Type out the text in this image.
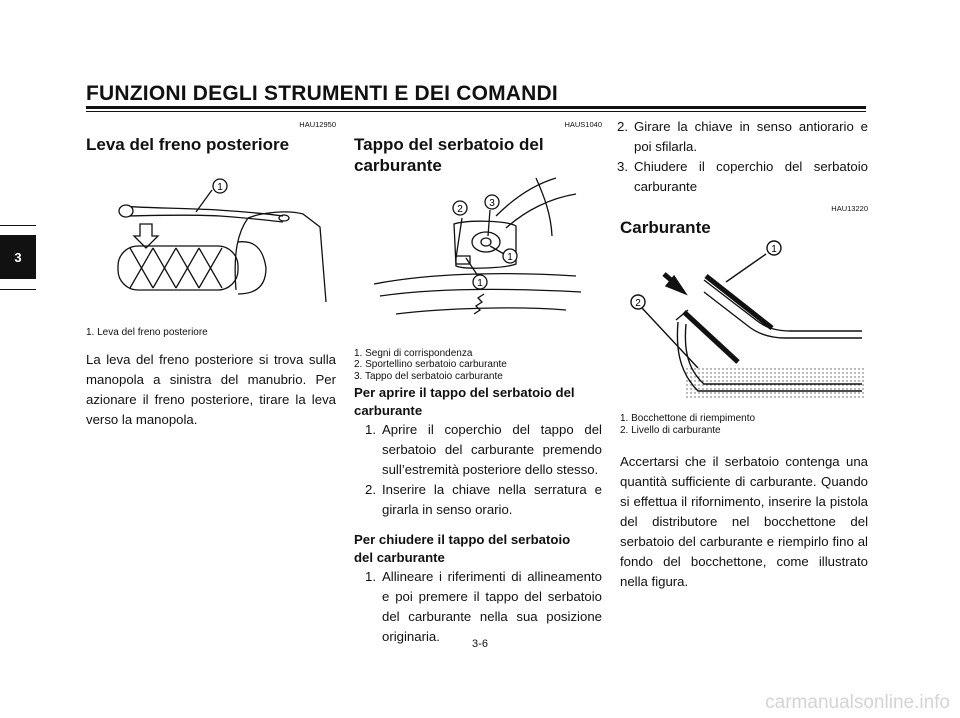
FUNZIONI DEGLI STRUMENTI E DEI COMANDI
3
HAU12950
Leva del freno posteriore
1
1. Leva del freno posteriore
La leva del freno posteriore si trova sulla manopola a sinistra del manubrio. Per azionare il freno posteriore, tirare la leva verso la manopola.
HAUS1040
Tappo del serbatoio del carburante
2
3
1
1
1. Segni di corrispondenza
2. Sportellino serbatoio carburante
3. Tappo del serbatoio carburante
Per aprire il tappo del serbatoio del carburante
1. Aprire il coperchio del tappo del serbatoio del carburante premendo sull’estremità posteriore dello stesso.
2. Inserire la chiave nella serratura e girarla in senso orario.
Per chiudere il tappo del serbatoio del carburante
1. Allineare i riferimenti di allineamento e poi premere il tappo del serbatoio del carburante nella sua posizione originaria.
2. Girare la chiave in senso antiorario e poi sfilarla.
3. Chiudere il coperchio del serbatoio carburante
HAU13220
Carburante
1
2
1. Bocchettone di riempimento
2. Livello di carburante
Accertarsi che il serbatoio contenga una quantità sufficiente di carburante. Quando si effettua il rifornimento, inserire la pistola del distributore nel bocchettone del serbatoio del carburante e riempirlo fino al fondo del bocchettone, come illustrato nella figura.
3-6
carmanualsonline.info
